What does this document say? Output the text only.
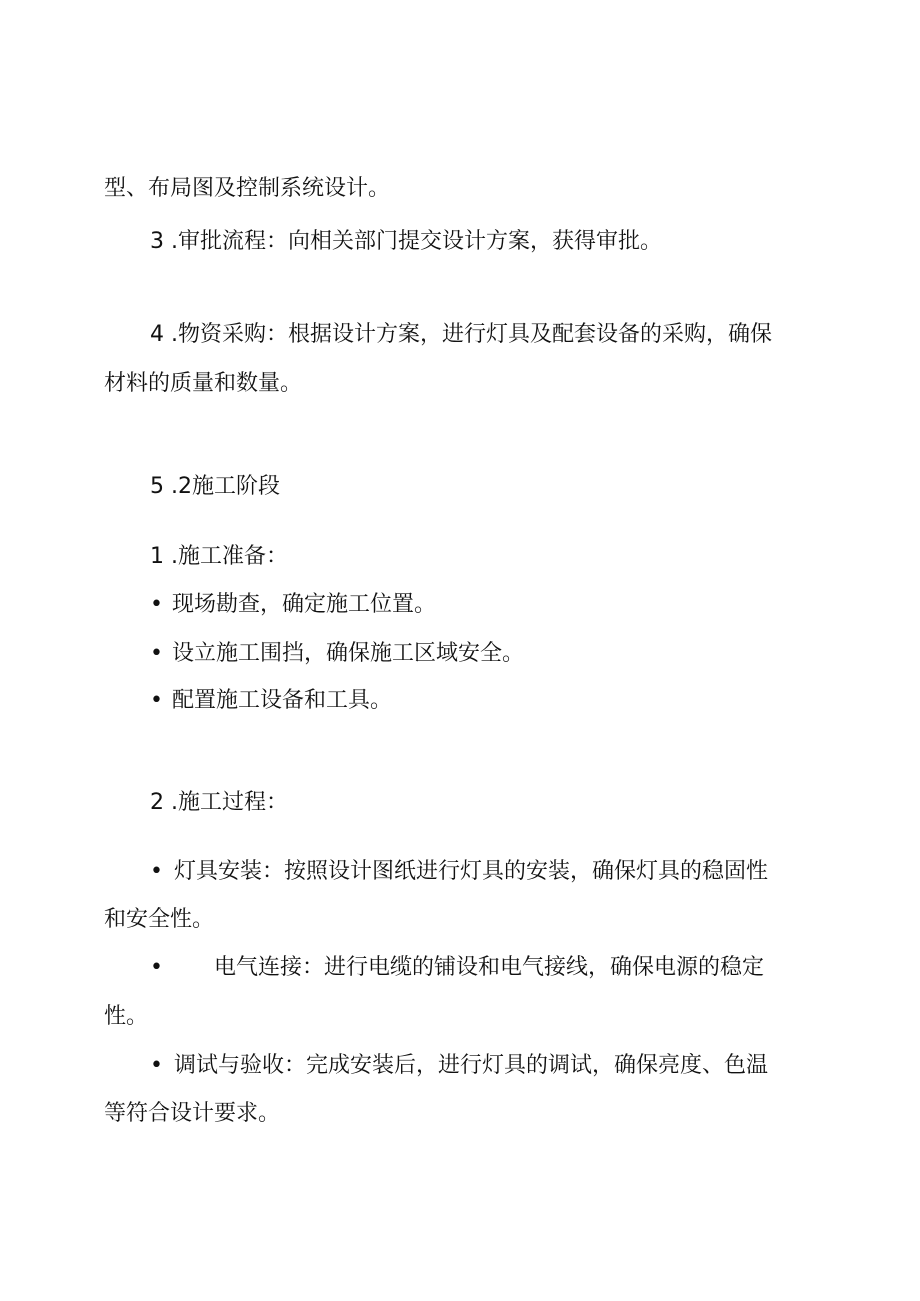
型、布局图及控制系统设计。
3 .审批流程：向相关部门提交设计方案，获得审批。
4 .物资采购：根据设计方案，进行灯具及配套设备的采购，确保
材料的质量和数量。
5 .2施工阶段
1 .施工准备：
• 现场勘查，确定施工位置。
• 设立施工围挡，确保施工区域安全。
• 配置施工设备和工具。
2 .施工过程：
• 灯具安装：按照设计图纸进行灯具的安装，确保灯具的稳固性
和安全性。
• 电气连接：进行电缆的铺设和电气接线，确保电源的稳定
性。
• 调试与验收：完成安装后，进行灯具的调试，确保亮度、色温
等符合设计要求。
